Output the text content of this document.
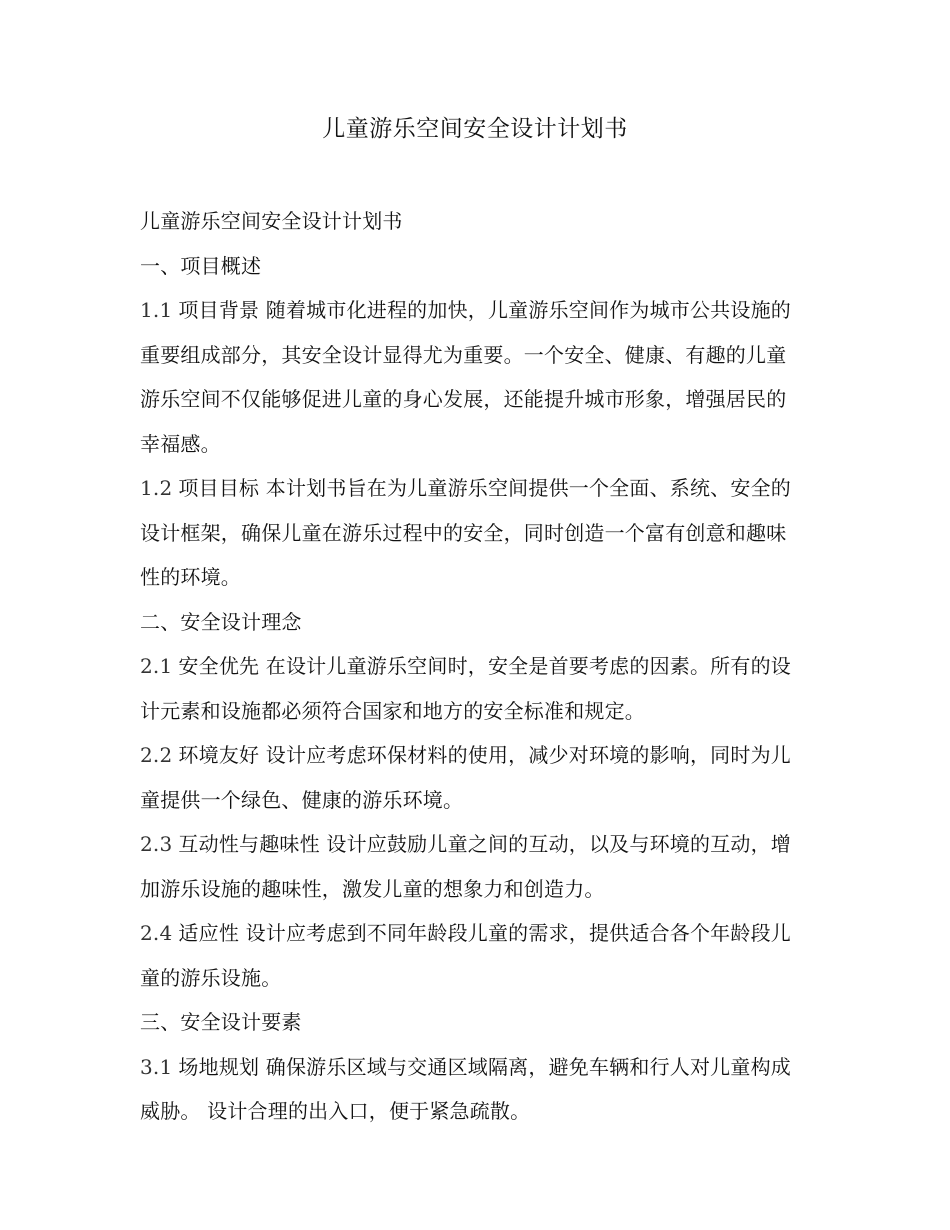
儿童游乐空间安全设计计划书

儿童游乐空间安全设计计划书

一、项目概述

1.1 项目背景 随着城市化进程的加快，儿童游乐空间作为城市公共设施的重要组成部分，其安全设计显得尤为重要。一个安全、健康、有趣的儿童游乐空间不仅能够促进儿童的身心发展，还能提升城市形象，增强居民的幸福感。

1.2 项目目标 本计划书旨在为儿童游乐空间提供一个全面、系统、安全的设计框架，确保儿童在游乐过程中的安全，同时创造一个富有创意和趣味性的环境。

二、安全设计理念

2.1 安全优先 在设计儿童游乐空间时，安全是首要考虑的因素。所有的设计元素和设施都必须符合国家和地方的安全标准和规定。

2.2 环境友好 设计应考虑环保材料的使用，减少对环境的影响，同时为儿童提供一个绿色、健康的游乐环境。

2.3 互动性与趣味性 设计应鼓励儿童之间的互动，以及与环境的互动，增加游乐设施的趣味性，激发儿童的想象力和创造力。

2.4 适应性 设计应考虑到不同年龄段儿童的需求，提供适合各个年龄段儿童的游乐设施。

三、安全设计要素

3.1 场地规划 确保游乐区域与交通区域隔离，避免车辆和行人对儿童构成威胁。 设计合理的出入口，便于紧急疏散。
